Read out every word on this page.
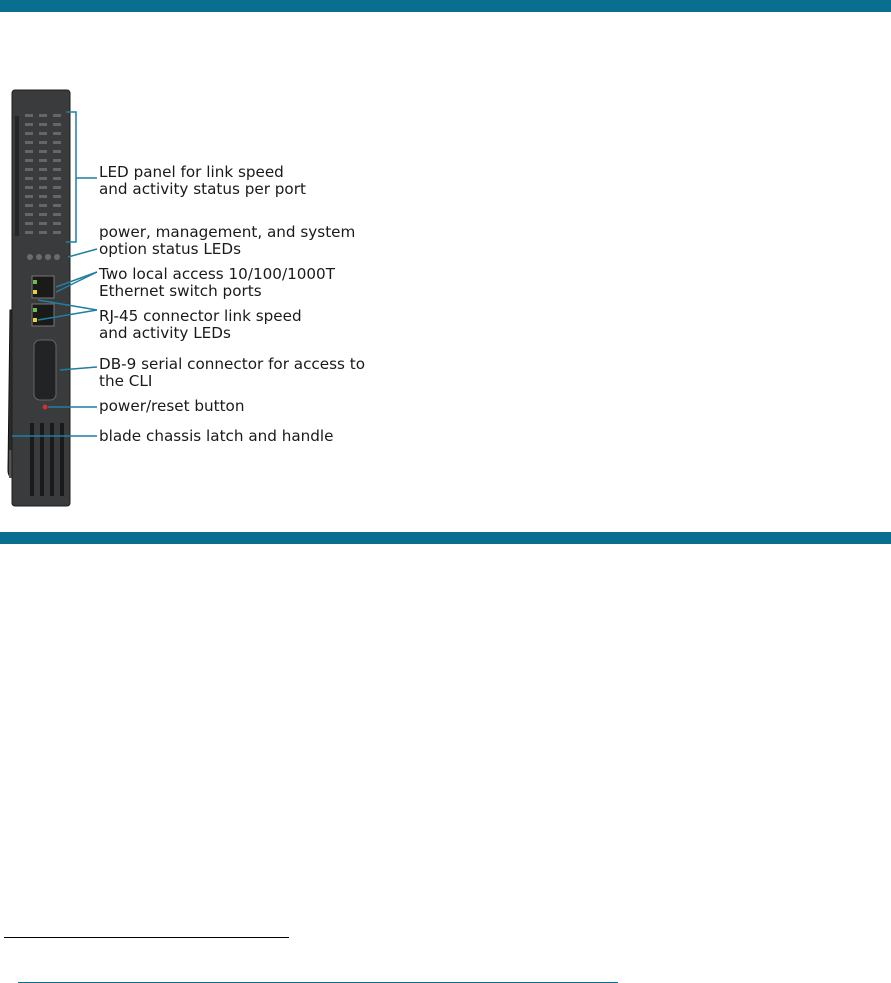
LED panel for link speed
and activity status per port

power, management, and system
option status LEDs

Two local access 10/100/1000T
Ethernet switch ports

RJ-45 connector link speed
and activity LEDs

DB-9 serial connector for access to
the CLI

power/reset button

blade chassis latch and handle
